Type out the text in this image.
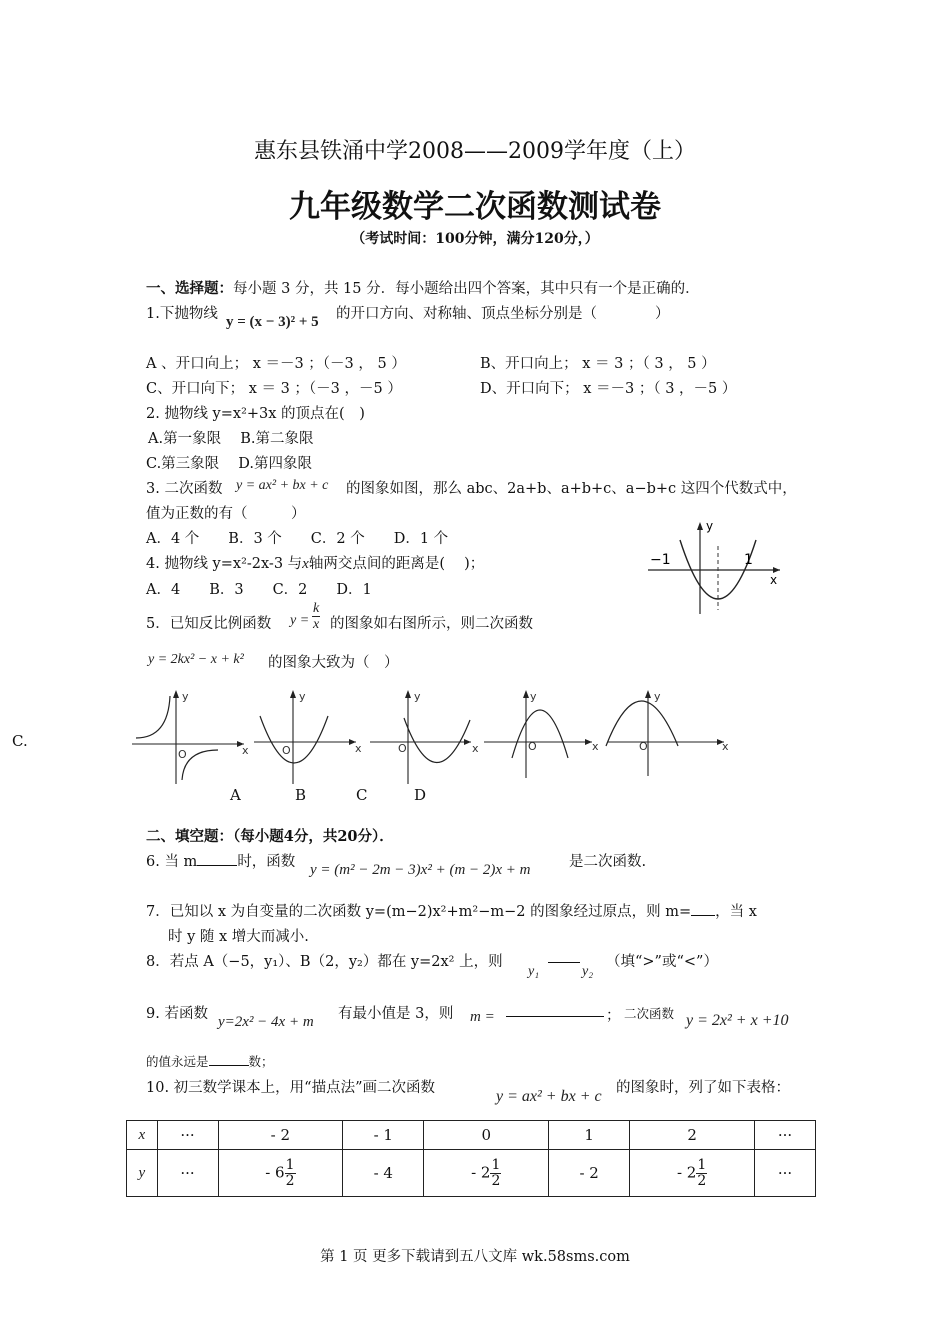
惠东县铁涌中学2008——2009学年度（上）
九年级数学二次函数测试卷
（考试时间：100分钟，满分120分，）
一、选择题：每小题 3 分，共 15 分．每小题给出四个答案，其中只有一个是正确的．
1.下抛物线 y = (x − 3)² + 5 的开口方向、对称轴、顶点坐标分别是（　　　　）
A 、开口向上； x ＝－3 ；（－3 ， 5 ）	B、开口向上； x ＝ 3 ；（ 3 ， 5 ）
C、开口向下； x ＝ 3 ；（－3 ，－5 ）	D、开口向下； x ＝－3 ；（ 3 ，－5 ）
2. 抛物线 y=x²+3x 的顶点在(　)
A.第一象限　 B.第二象限
C.第三象限　 D.第四象限
3. 二次函数 y = ax² + bx + c 的图象如图，那么 abc、2a+b、a+b+c、a−b+c 这四个代数式中，
值为正数的有（　　　）
A．4 个　　B．3 个　　C．2 个　　D．1 个
−1	1
x
y
4. 抛物线 y=x²-2x-3 与x轴两交点间的距离是(　 )；
A．4　　B．3　　C．2　　D．1
5．已知反比例函数 $y = \frac{k}{x}$ 的图象如右图所示，则二次函数
y = 2kx² − x + k² 的图象大致为（　）
C.
y
x
O
y
x
O
y
x
O
y
x
O
y
x
O
A	B	C	D
二、填空题：（每小题4分，共20分）．
6. 当 m	时，函数 y = (m² − 2m − 3)x² + (m − 2)x + m	是二次函数.
7．已知以 x 为自变量的二次函数 y=(m−2)x²+m²−m−2 的图象经过原点，则 m= ，当 x
时 y 随 x 增大而减小.
8．若点 A（−5，y₁）、B（2，y₂）都在 y=2x² 上，则
y₁	y₂
（填“>”或“<”）
9. 若函数 y=2x² − 4x + m 有最小值是 3，则 m =	； 二次函数 y = 2x² + x +10
的值永远是	数；
10. 初三数学课本上，用“描点法”画二次函数	y = ax² + bx + c 的图象时，列了如下表格：
x	···	- 2	- 1	0	1	2	···
y	···	- $6 \frac{1}{2}$	- 4	- $2 \frac{1}{2}$	- 2	- $2 \frac{1}{2}$	···
第 1 页 更多下载请到五八文库 wk.58sms.com
